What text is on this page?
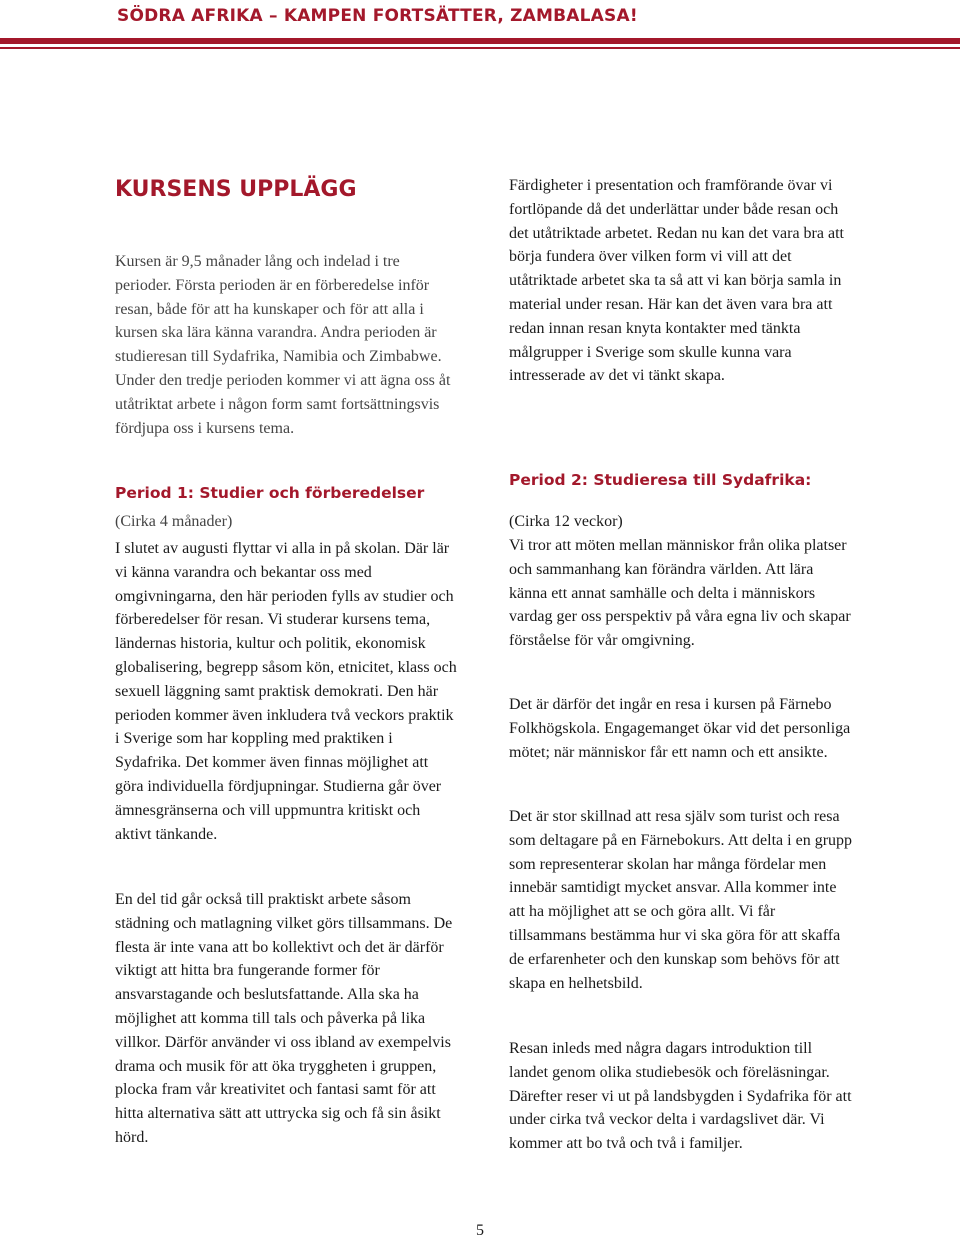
SÖDRA AFRIKA – KAMPEN FORTSÄTTER, ZAMBALASA!
KURSENS UPPLÄGG

Kursen är 9,5 månader lång och indelad i tre perioder. Första perioden är en förberedelse inför resan, både för att ha kunskaper och för att alla i kursen ska lära känna varandra. Andra perioden är studieresan till Sydafrika, Namibia och Zimbabwe. Under den tredje perioden kommer vi att ägna oss åt utåtriktat arbete i någon form samt fortsättningsvis fördjupa oss i kursens tema.

Period 1: Studier och förberedelser

(Cirka 4 månader)

I slutet av augusti flyttar vi alla in på skolan. Där lär vi känna varandra och bekantar oss med omgivningarna, den här perioden fylls av studier och förberedelser för resan. Vi studerar kursens tema, ländernas historia, kultur och politik, ekonomisk globalisering, begrepp såsom kön, etnicitet, klass och sexuell läggning samt praktisk demokrati. Den här perioden kommer även inkludera två veckors praktik i Sverige som har koppling med praktiken i Sydafrika. Det kommer även finnas möjlighet att göra individuella fördjupningar. Studierna går över ämnesgränserna och vill uppmuntra kritiskt och aktivt tänkande.

En del tid går också till praktiskt arbete såsom städning och matlagning vilket görs tillsammans. De flesta är inte vana att bo kollektivt och det är därför viktigt att hitta bra fungerande former för ansvarstagande och beslutsfattande. Alla ska ha möjlighet att komma till tals och påverka på lika villkor. Därför använder vi oss ibland av exempelvis drama och musik för att öka tryggheten i gruppen, plocka fram vår kreativitet och fantasi samt för att hitta alternativa sätt att uttrycka sig och få sin åsikt hörd.

Färdigheter i presentation och framförande övar vi fortlöpande då det underlättar under både resan och det utåtriktade arbetet. Redan nu kan det vara bra att börja fundera över vilken form vi vill att det utåtriktade arbetet ska ta så att vi kan börja samla in material under resan. Här kan det även vara bra att redan innan resan knyta kontakter med tänkta målgrupper i Sverige som skulle kunna vara intresserade av det vi tänkt skapa.

Period 2: Studieresa till Sydafrika:

(Cirka 12 veckor)

Vi tror att möten mellan människor från olika platser och sammanhang kan förändra världen. Att lära känna ett annat samhälle och delta i människors vardag ger oss perspektiv på våra egna liv och skapar förståelse för vår omgivning.

Det är därför det ingår en resa i kursen på Färnebo Folkhögskola. Engagemanget ökar vid det personliga mötet; när människor får ett namn och ett ansikte.

Det är stor skillnad att resa själv som turist och resa som deltagare på en Färnebokurs. Att delta i en grupp som representerar skolan har många fördelar men innebär samtidigt mycket ansvar. Alla kommer inte att ha möjlighet att se och göra allt. Vi får tillsammans bestämma hur vi ska göra för att skaffa de erfarenheter och den kunskap som behövs för att skapa en helhetsbild.

Resan inleds med några dagars introduktion till landet genom olika studiebesök och föreläsningar. Därefter reser vi ut på landsbygden i Sydafrika för att under cirka två veckor delta i vardagslivet där. Vi kommer att bo två och två i familjer.

5
